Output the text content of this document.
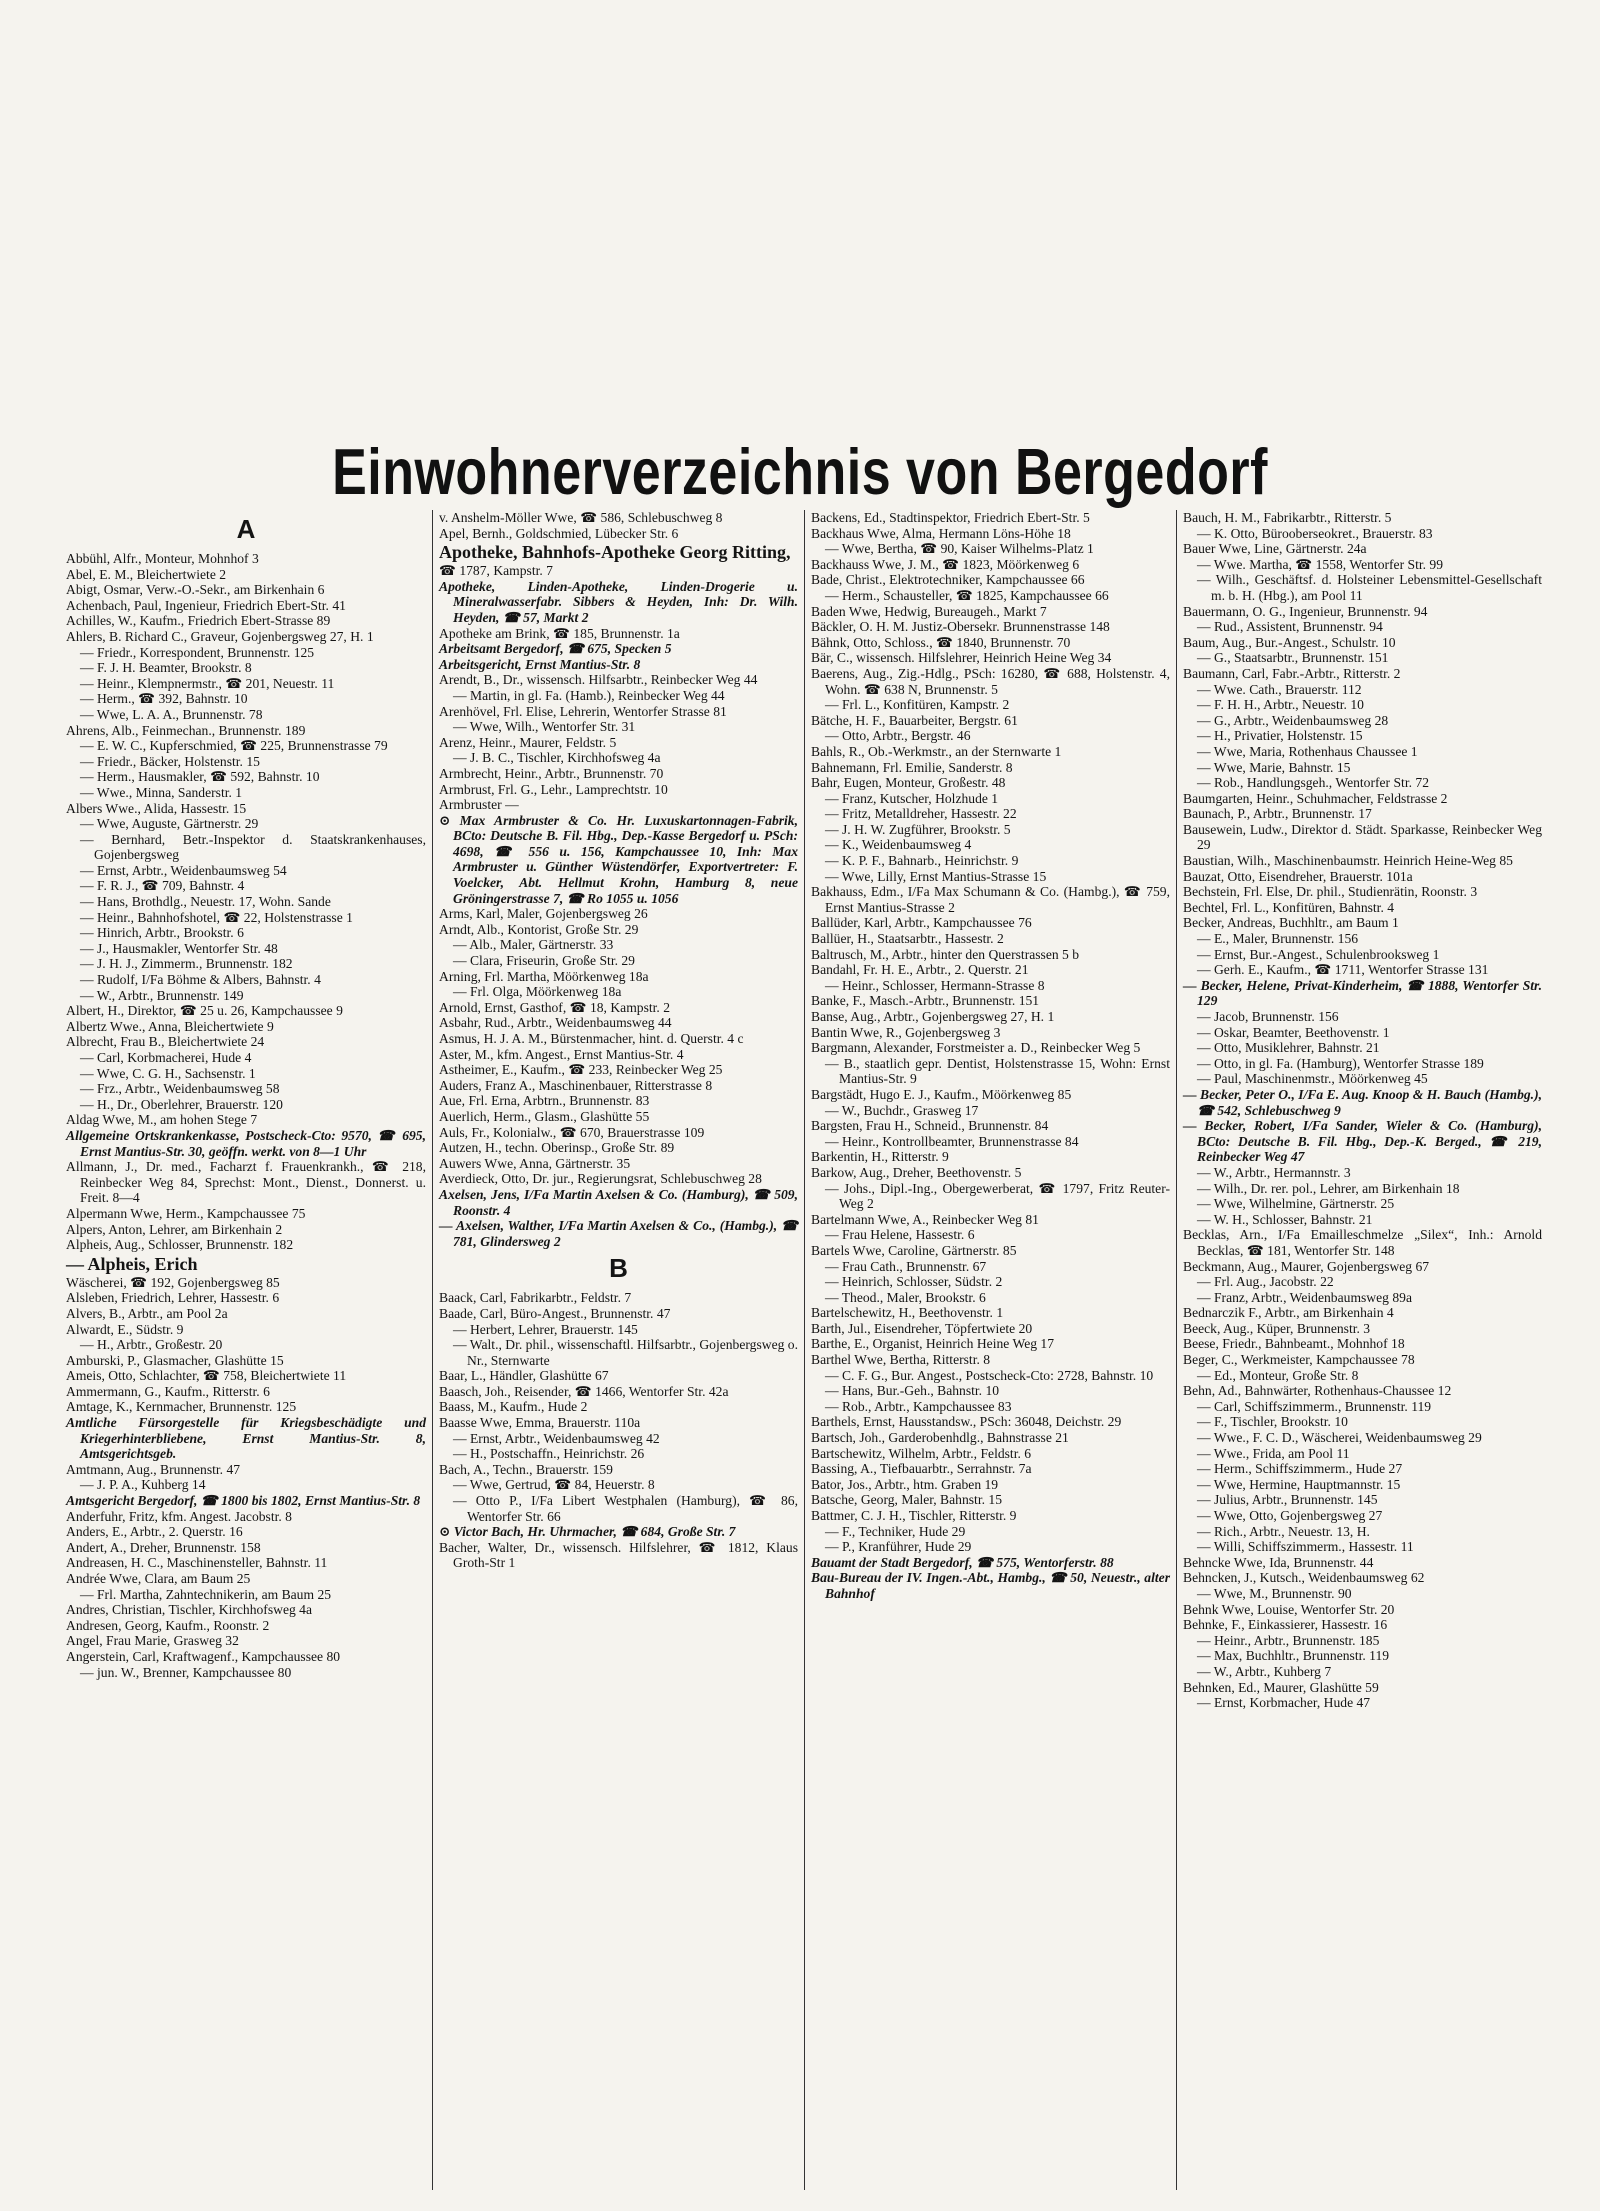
Einwohnerverzeichnis von Bergedorf
A
Abbühl, Alfr., Monteur, Mohnhof 3
Abel, E. M., Bleichertwiete 2
Abigt, Osmar, Verw.-O.-Sekr., am Birkenhain 6
Achenbach, Paul, Ingenieur, Friedrich Ebert-Str. 41
Achilles, W., Kaufm., Friedrich Ebert-Strasse 89
Ahlers, B. Richard C., Graveur, Gojenbergsweg 27, H. 1
— Friedr., Korrespondent, Brunnenstr. 125
— F. J. H. Beamter, Brookstr. 8
— Heinr., Klempnermstr., ☎ 201, Neuestr. 11
— Herm., ☎ 392, Bahnstr. 10
— Wwe, L. A. A., Brunnenstr. 78
Ahrens, Alb., Feinmechan., Brunnenstr. 189
— E. W. C., Kupferschmied, ☎ 225, Brunnenstrasse 79
— Friedr., Bäcker, Holstenstr. 15
— Herm., Hausmakler, ☎ 592, Bahnstr. 10
— Wwe., Minna, Sanderstr. 1
Albers Wwe., Alida, Hassestr. 15
— Wwe, Auguste, Gärtnerstr. 29
— Bernhard, Betr.-Inspektor d. Staatskrankenhauses, Gojenbergsweg
— Ernst, Arbtr., Weidenbaumsweg 54
— F. R. J., ☎ 709, Bahnstr. 4
— Hans, Brothdlg., Neuestr. 17, Wohn. Sande
— Heinr., Bahnhofshotel, ☎ 22, Holstenstrasse 1
— Hinrich, Arbtr., Brookstr. 6
— J., Hausmakler, Wentorfer Str. 48
— J. H. J., Zimmerm., Brunnenstr. 182
— Rudolf, I/Fa Böhme & Albers, Bahnstr. 4
— W., Arbtr., Brunnenstr. 149
Albert, H., Direktor, ☎ 25 u. 26, Kampchaussee 9
Albertz Wwe., Anna, Bleichertwiete 9
Albrecht, Frau B., Bleichertwiete 24
— Carl, Korbmacherei, Hude 4
— Wwe, C. G. H., Sachsenstr. 1
— Frz., Arbtr., Weidenbaumsweg 58
— H., Dr., Oberlehrer, Brauerstr. 120
Aldag Wwe, M., am hohen Stege 7
Allgemeine Ortskrankenkasse, Postscheck-Cto: 9570, ☎ 695, Ernst Mantius-Str. 30, geöffn. werkt. von 8—1 Uhr
Allmann, J., Dr. med., Facharzt f. Frauenkrankh., ☎ 218, Reinbecker Weg 84, Sprechst: Mont., Dienst., Donnerst. u. Freit. 8—4
Alpermann Wwe, Herm., Kampchaussee 75
Alpers, Anton, Lehrer, am Birkenhain 2
Alpheis, Aug., Schlosser, Brunnenstr. 182
— Alpheis, Erich
Wäscherei, ☎ 192, Gojenbergsweg 85
Alsleben, Friedrich, Lehrer, Hassestr. 6
Alvers, B., Arbtr., am Pool 2a
Alwardt, E., Südstr. 9
— H., Arbtr., Großestr. 20
Amburski, P., Glasmacher, Glashütte 15
Ameis, Otto, Schlachter, ☎ 758, Bleichertwiete 11
Ammermann, G., Kaufm., Ritterstr. 6
Amtage, K., Kernmacher, Brunnenstr. 125
Amtliche Fürsorgestelle für Kriegsbeschädigte und Kriegerhinterbliebene, Ernst Mantius-Str. 8, Amtsgerichtsgeb.
Amtmann, Aug., Brunnenstr. 47
— J. P. A., Kuhberg 14
Amtsgericht Bergedorf, ☎ 1800 bis 1802, Ernst Mantius-Str. 8
Anderfuhr, Fritz, kfm. Angest. Jacobstr. 8
Anders, E., Arbtr., 2. Querstr. 16
Andert, A., Dreher, Brunnenstr. 158
Andreasen, H. C., Maschinensteller, Bahnstr. 11
Andrée Wwe, Clara, am Baum 25
— Frl. Martha, Zahntechnikerin, am Baum 25
Andres, Christian, Tischler, Kirchhofsweg 4a
Andresen, Georg, Kaufm., Roonstr. 2
Angel, Frau Marie, Grasweg 32
Angerstein, Carl, Kraftwagenf., Kampchaussee 80
— jun. W., Brenner, Kampchaussee 80
v. Anshelm-Möller Wwe, ☎ 586, Schlebuschweg 8
Apel, Bernh., Goldschmied, Lübecker Str. 6
Apotheke, Bahnhofs-Apotheke Georg Ritting,
☎ 1787, Kampstr. 7
Apotheke, Linden-Apotheke, Linden-Drogerie u. Mineralwasserfabr. Sibbers & Heyden, Inh: Dr. Wilh. Heyden, ☎ 57, Markt 2
Apotheke am Brink, ☎ 185, Brunnenstr. 1a
Arbeitsamt Bergedorf, ☎ 675, Specken 5
Arbeitsgericht, Ernst Mantius-Str. 8
Arendt, B., Dr., wissensch. Hilfsarbtr., Reinbecker Weg 44
— Martin, in gl. Fa. (Hamb.), Reinbecker Weg 44
Arenhövel, Frl. Elise, Lehrerin, Wentorfer Strasse 81
— Wwe, Wilh., Wentorfer Str. 31
Arenz, Heinr., Maurer, Feldstr. 5
— J. B. C., Tischler, Kirchhofsweg 4a
Armbrecht, Heinr., Arbtr., Brunnenstr. 70
Armbrust, Frl. G., Lehr., Lamprechtstr. 10
Armbruster —
⊙ Max Armbruster & Co. Hr. Luxuskartonnagen-Fabrik, BCto: Deutsche B. Fil. Hbg., Dep.-Kasse Bergedorf u. PSch: 4698, ☎ 556 u. 156, Kampchaussee 10, Inh: Max Armbruster u. Günther Wüstendörfer, Exportvertreter: F. Voelcker, Abt. Hellmut Krohn, Hamburg 8, neue Gröningerstrasse 7, ☎ Ro 1055 u. 1056
Arms, Karl, Maler, Gojenbergsweg 26
Arndt, Alb., Kontorist, Große Str. 29
— Alb., Maler, Gärtnerstr. 33
— Clara, Friseurin, Große Str. 29
Arning, Frl. Martha, Möörkenweg 18a
— Frl. Olga, Möörkenweg 18a
Arnold, Ernst, Gasthof, ☎ 18, Kampstr. 2
Asbahr, Rud., Arbtr., Weidenbaumsweg 44
Asmus, H. J. A. M., Bürstenmacher, hint. d. Querstr. 4 c
Aster, M., kfm. Angest., Ernst Mantius-Str. 4
Astheimer, E., Kaufm., ☎ 233, Reinbecker Weg 25
Auders, Franz A., Maschinenbauer, Ritterstrasse 8
Aue, Frl. Erna, Arbtrn., Brunnenstr. 83
Auerlich, Herm., Glasm., Glashütte 55
Auls, Fr., Kolonialw., ☎ 670, Brauerstrasse 109
Autzen, H., techn. Oberinsp., Große Str. 89
Auwers Wwe, Anna, Gärtnerstr. 35
Averdieck, Otto, Dr. jur., Regierungsrat, Schlebuschweg 28
Axelsen, Jens, I/Fa Martin Axelsen & Co. (Hamburg), ☎ 509, Roonstr. 4
— Axelsen, Walther, I/Fa Martin Axelsen & Co., (Hambg.), ☎ 781, Glindersweg 2
B
Baack, Carl, Fabrikarbtr., Feldstr. 7
Baade, Carl, Büro-Angest., Brunnenstr. 47
— Herbert, Lehrer, Brauerstr. 145
— Walt., Dr. phil., wissenschaftl. Hilfsarbtr., Gojenbergsweg o. Nr., Sternwarte
Baar, L., Händler, Glashütte 67
Baasch, Joh., Reisender, ☎ 1466, Wentorfer Str. 42a
Baass, M., Kaufm., Hude 2
Baasse Wwe, Emma, Brauerstr. 110a
— Ernst, Arbtr., Weidenbaumsweg 42
— H., Postschaffn., Heinrichstr. 26
Bach, A., Techn., Brauerstr. 159
— Wwe, Gertrud, ☎ 84, Heuerstr. 8
— Otto P., I/Fa Libert Westphalen (Hamburg), ☎ 86, Wentorfer Str. 66
⊙ Victor Bach, Hr. Uhrmacher, ☎ 684, Große Str. 7
Bacher, Walter, Dr., wissensch. Hilfslehrer, ☎ 1812, Klaus Groth-Str 1
Backens, Ed., Stadtinspektor, Friedrich Ebert-Str. 5
Backhaus Wwe, Alma, Hermann Löns-Höhe 18
— Wwe, Bertha, ☎ 90, Kaiser Wilhelms-Platz 1
Backhauss Wwe, J. M., ☎ 1823, Möörkenweg 6
Bade, Christ., Elektrotechniker, Kampchaussee 66
— Herm., Schausteller, ☎ 1825, Kampchaussee 66
Baden Wwe, Hedwig, Bureaugeh., Markt 7
Bäckler, O. H. M. Justiz-Obersekr. Brunnenstrasse 148
Bähnk, Otto, Schloss., ☎ 1840, Brunnenstr. 70
Bär, C., wissensch. Hilfslehrer, Heinrich Heine Weg 34
Baerens, Aug., Zig.-Hdlg., PSch: 16280, ☎ 688, Holstenstr. 4, Wohn. ☎ 638 N, Brunnenstr. 5
— Frl. L., Konfitüren, Kampstr. 2
Bätche, H. F., Bauarbeiter, Bergstr. 61
— Otto, Arbtr., Bergstr. 46
Bahls, R., Ob.-Werkmstr., an der Sternwarte 1
Bahnemann, Frl. Emilie, Sanderstr. 8
Bahr, Eugen, Monteur, Großestr. 48
— Franz, Kutscher, Holzhude 1
— Fritz, Metalldreher, Hassestr. 22
— J. H. W. Zugführer, Brookstr. 5
— K., Weidenbaumsweg 4
— K. P. F., Bahnarb., Heinrichstr. 9
— Wwe, Lilly, Ernst Mantius-Strasse 15
Bakhauss, Edm., I/Fa Max Schumann & Co. (Hambg.), ☎ 759, Ernst Mantius-Strasse 2
Ballüder, Karl, Arbtr., Kampchaussee 76
Ballüer, H., Staatsarbtr., Hassestr. 2
Baltrusch, M., Arbtr., hinter den Querstrassen 5 b
Bandahl, Fr. H. E., Arbtr., 2. Querstr. 21
— Heinr., Schlosser, Hermann-Strasse 8
Banke, F., Masch.-Arbtr., Brunnenstr. 151
Banse, Aug., Arbtr., Gojenbergsweg 27, H. 1
Bantin Wwe, R., Gojenbergsweg 3
Bargmann, Alexander, Forstmeister a. D., Reinbecker Weg 5
— B., staatlich gepr. Dentist, Holstenstrasse 15, Wohn: Ernst Mantius-Str. 9
Bargstädt, Hugo E. J., Kaufm., Möörkenweg 85
— W., Buchdr., Grasweg 17
Bargsten, Frau H., Schneid., Brunnenstr. 84
— Heinr., Kontrollbeamter, Brunnenstrasse 84
Barkentin, H., Ritterstr. 9
Barkow, Aug., Dreher, Beethovenstr. 5
— Johs., Dipl.-Ing., Obergewerberat, ☎ 1797, Fritz Reuter-Weg 2
Bartelmann Wwe, A., Reinbecker Weg 81
— Frau Helene, Hassestr. 6
Bartels Wwe, Caroline, Gärtnerstr. 85
— Frau Cath., Brunnenstr. 67
— Heinrich, Schlosser, Südstr. 2
— Theod., Maler, Brookstr. 6
Bartelschewitz, H., Beethovenstr. 1
Barth, Jul., Eisendreher, Töpfertwiete 20
Barthe, E., Organist, Heinrich Heine Weg 17
Barthel Wwe, Bertha, Ritterstr. 8
— C. F. G., Bur. Angest., Postscheck-Cto: 2728, Bahnstr. 10
— Hans, Bur.-Geh., Bahnstr. 10
— Rob., Arbtr., Kampchaussee 83
Barthels, Ernst, Hausstandsw., PSch: 36048, Deichstr. 29
Bartsch, Joh., Garderobenhdlg., Bahnstrasse 21
Bartschewitz, Wilhelm, Arbtr., Feldstr. 6
Bassing, A., Tiefbauarbtr., Serrahnstr. 7a
Bator, Jos., Arbtr., htm. Graben 19
Batsche, Georg, Maler, Bahnstr. 15
Battmer, C. J. H., Tischler, Ritterstr. 9
— F., Techniker, Hude 29
— P., Kranführer, Hude 29
Bauamt der Stadt Bergedorf, ☎ 575, Wentorferstr. 88
Bau-Bureau der IV. Ingen.-Abt., Hambg., ☎ 50, Neuestr., alter Bahnhof
Bauch, H. M., Fabrikarbtr., Ritterstr. 5
— K. Otto, Bürooberseokret., Brauerstr. 83
Bauer Wwe, Line, Gärtnerstr. 24a
— Wwe. Martha, ☎ 1558, Wentorfer Str. 99
— Wilh., Geschäftsf. d. Holsteiner Lebensmittel-Gesellschaft m. b. H. (Hbg.), am Pool 11
Bauermann, O. G., Ingenieur, Brunnenstr. 94
— Rud., Assistent, Brunnenstr. 94
Baum, Aug., Bur.-Angest., Schulstr. 10
— G., Staatsarbtr., Brunnenstr. 151
Baumann, Carl, Fabr.-Arbtr., Ritterstr. 2
— Wwe. Cath., Brauerstr. 112
— F. H. H., Arbtr., Neuestr. 10
— G., Arbtr., Weidenbaumsweg 28
— H., Privatier, Holstenstr. 15
— Wwe, Maria, Rothenhaus Chaussee 1
— Wwe, Marie, Bahnstr. 15
— Rob., Handlungsgeh., Wentorfer Str. 72
Baumgarten, Heinr., Schuhmacher, Feldstrasse 2
Baunach, P., Arbtr., Brunnenstr. 17
Bausewein, Ludw., Direktor d. Städt. Sparkasse, Reinbecker Weg 29
Baustian, Wilh., Maschinenbaumstr. Heinrich Heine-Weg 85
Bauzat, Otto, Eisendreher, Brauerstr. 101a
Bechstein, Frl. Else, Dr. phil., Studienrätin, Roonstr. 3
Bechtel, Frl. L., Konfitüren, Bahnstr. 4
Becker, Andreas, Buchhltr., am Baum 1
— E., Maler, Brunnenstr. 156
— Ernst, Bur.-Angest., Schulenbrooksweg 1
— Gerh. E., Kaufm., ☎ 1711, Wentorfer Strasse 131
— Becker, Helene, Privat-Kinderheim, ☎ 1888, Wentorfer Str. 129
— Jacob, Brunnenstr. 156
— Oskar, Beamter, Beethovenstr. 1
— Otto, Musiklehrer, Bahnstr. 21
— Otto, in gl. Fa. (Hamburg), Wentorfer Strasse 189
— Paul, Maschinenmstr., Möörkenweg 45
— Becker, Peter O., I/Fa E. Aug. Knoop & H. Bauch (Hambg.), ☎ 542, Schlebuschweg 9
— Becker, Robert, I/Fa Sander, Wieler & Co. (Hamburg), BCto: Deutsche B. Fil. Hbg., Dep.-K. Berged., ☎ 219, Reinbecker Weg 47
— W., Arbtr., Hermannstr. 3
— Wilh., Dr. rer. pol., Lehrer, am Birkenhain 18
— Wwe, Wilhelmine, Gärtnerstr. 25
— W. H., Schlosser, Bahnstr. 21
Becklas, Arn., I/Fa Emailleschmelze „Silex“, Inh.: Arnold Becklas, ☎ 181, Wentorfer Str. 148
Beckmann, Aug., Maurer, Gojenbergsweg 67
— Frl. Aug., Jacobstr. 22
— Franz, Arbtr., Weidenbaumsweg 89a
Bednarczik F., Arbtr., am Birkenhain 4
Beeck, Aug., Küper, Brunnenstr. 3
Beese, Friedr., Bahnbeamt., Mohnhof 18
Beger, C., Werkmeister, Kampchaussee 78
— Ed., Monteur, Große Str. 8
Behn, Ad., Bahnwärter, Rothenhaus-Chaussee 12
— Carl, Schiffszimmerm., Brunnenstr. 119
— F., Tischler, Brookstr. 10
— Wwe., F. C. D., Wäscherei, Weidenbaumsweg 29
— Wwe., Frida, am Pool 11
— Herm., Schiffszimmerm., Hude 27
— Wwe, Hermine, Hauptmannstr. 15
— Julius, Arbtr., Brunnenstr. 145
— Wwe, Otto, Gojenbergsweg 27
— Rich., Arbtr., Neuestr. 13, H.
— Willi, Schiffszimmerm., Hassestr. 11
Behncke Wwe, Ida, Brunnenstr. 44
Behncken, J., Kutsch., Weidenbaumsweg 62
— Wwe, M., Brunnenstr. 90
Behnk Wwe, Louise, Wentorfer Str. 20
Behnke, F., Einkassierer, Hassestr. 16
— Heinr., Arbtr., Brunnenstr. 185
— Max, Buchhltr., Brunnenstr. 119
— W., Arbtr., Kuhberg 7
Behnken, Ed., Maurer, Glashütte 59
— Ernst, Korbmacher, Hude 47
